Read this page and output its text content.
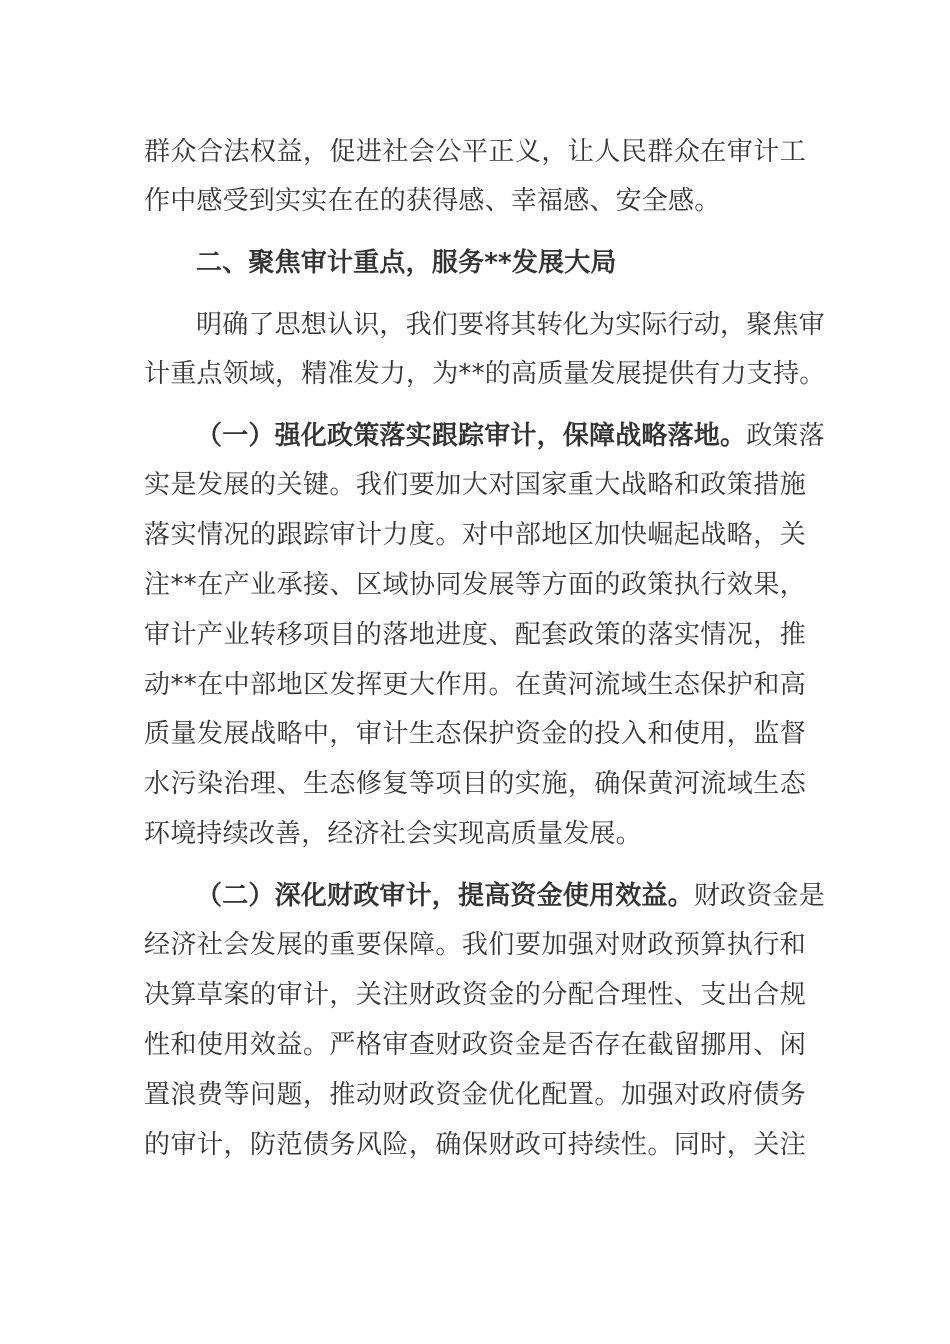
群众合法权益，促进社会公平正义，让人民群众在审计工
作中感受到实实在在的获得感、幸福感、安全感。
二、聚焦审计重点，服务**发展大局
明确了思想认识，我们要将其转化为实际行动，聚焦审
计重点领域，精准发力，为**的高质量发展提供有力支持。
（一）强化政策落实跟踪审计，保障战略落地。政策落
实是发展的关键。我们要加大对国家重大战略和政策措施
落实情况的跟踪审计力度。对中部地区加快崛起战略，关
注**在产业承接、区域协同发展等方面的政策执行效果，
审计产业转移项目的落地进度、配套政策的落实情况，推
动**在中部地区发挥更大作用。在黄河流域生态保护和高
质量发展战略中，审计生态保护资金的投入和使用，监督
水污染治理、生态修复等项目的实施，确保黄河流域生态
环境持续改善，经济社会实现高质量发展。
（二）深化财政审计，提高资金使用效益。财政资金是
经济社会发展的重要保障。我们要加强对财政预算执行和
决算草案的审计，关注财政资金的分配合理性、支出合规
性和使用效益。严格审查财政资金是否存在截留挪用、闲
置浪费等问题，推动财政资金优化配置。加强对政府债务
的审计，防范债务风险，确保财政可持续性。同时，关注
